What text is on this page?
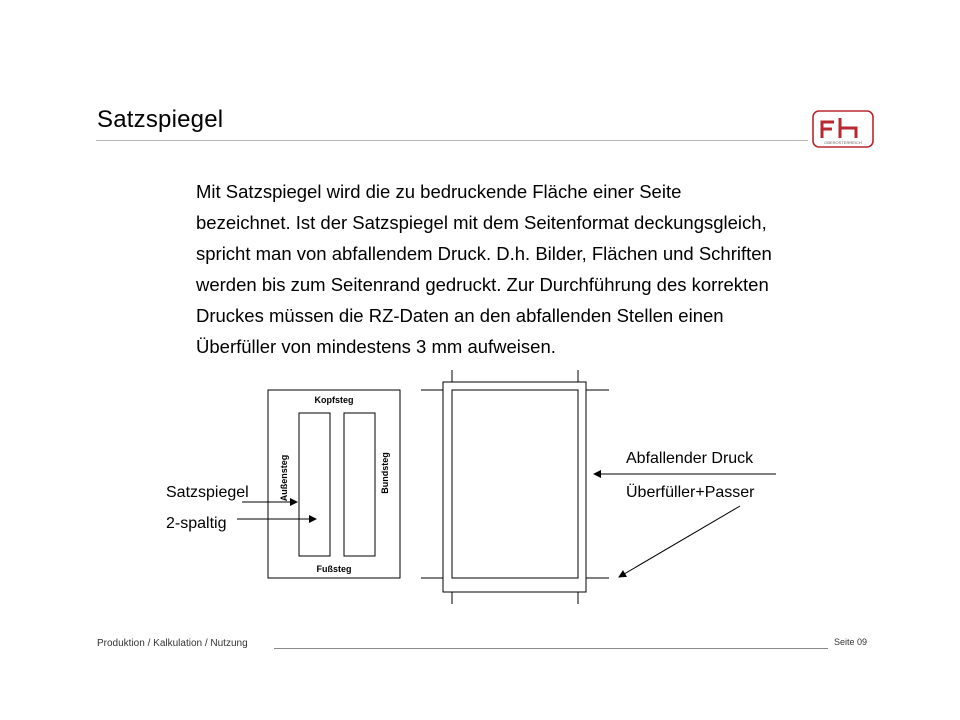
Satzspiegel
OBERÖSTERREICH
Mit Satzspiegel wird die zu bedruckende Fläche einer Seite
bezeichnet. Ist der Satzspiegel mit dem Seitenformat deckungsgleich,
spricht man von abfallendem Druck. D.h. Bilder, Flächen und Schriften
werden bis zum Seitenrand gedruckt. Zur Durchführung des korrekten
Druckes müssen die RZ-Daten an den abfallenden Stellen einen
Überfüller von mindestens 3 mm aufweisen.
Kopfsteg
Fußsteg
Außensteg	Bundsteg
Satzspiegel
2-spaltig
Abfallender Druck
Überfüller+Passer
Produktion / Kalkulation / Nutzung	Seite 09
